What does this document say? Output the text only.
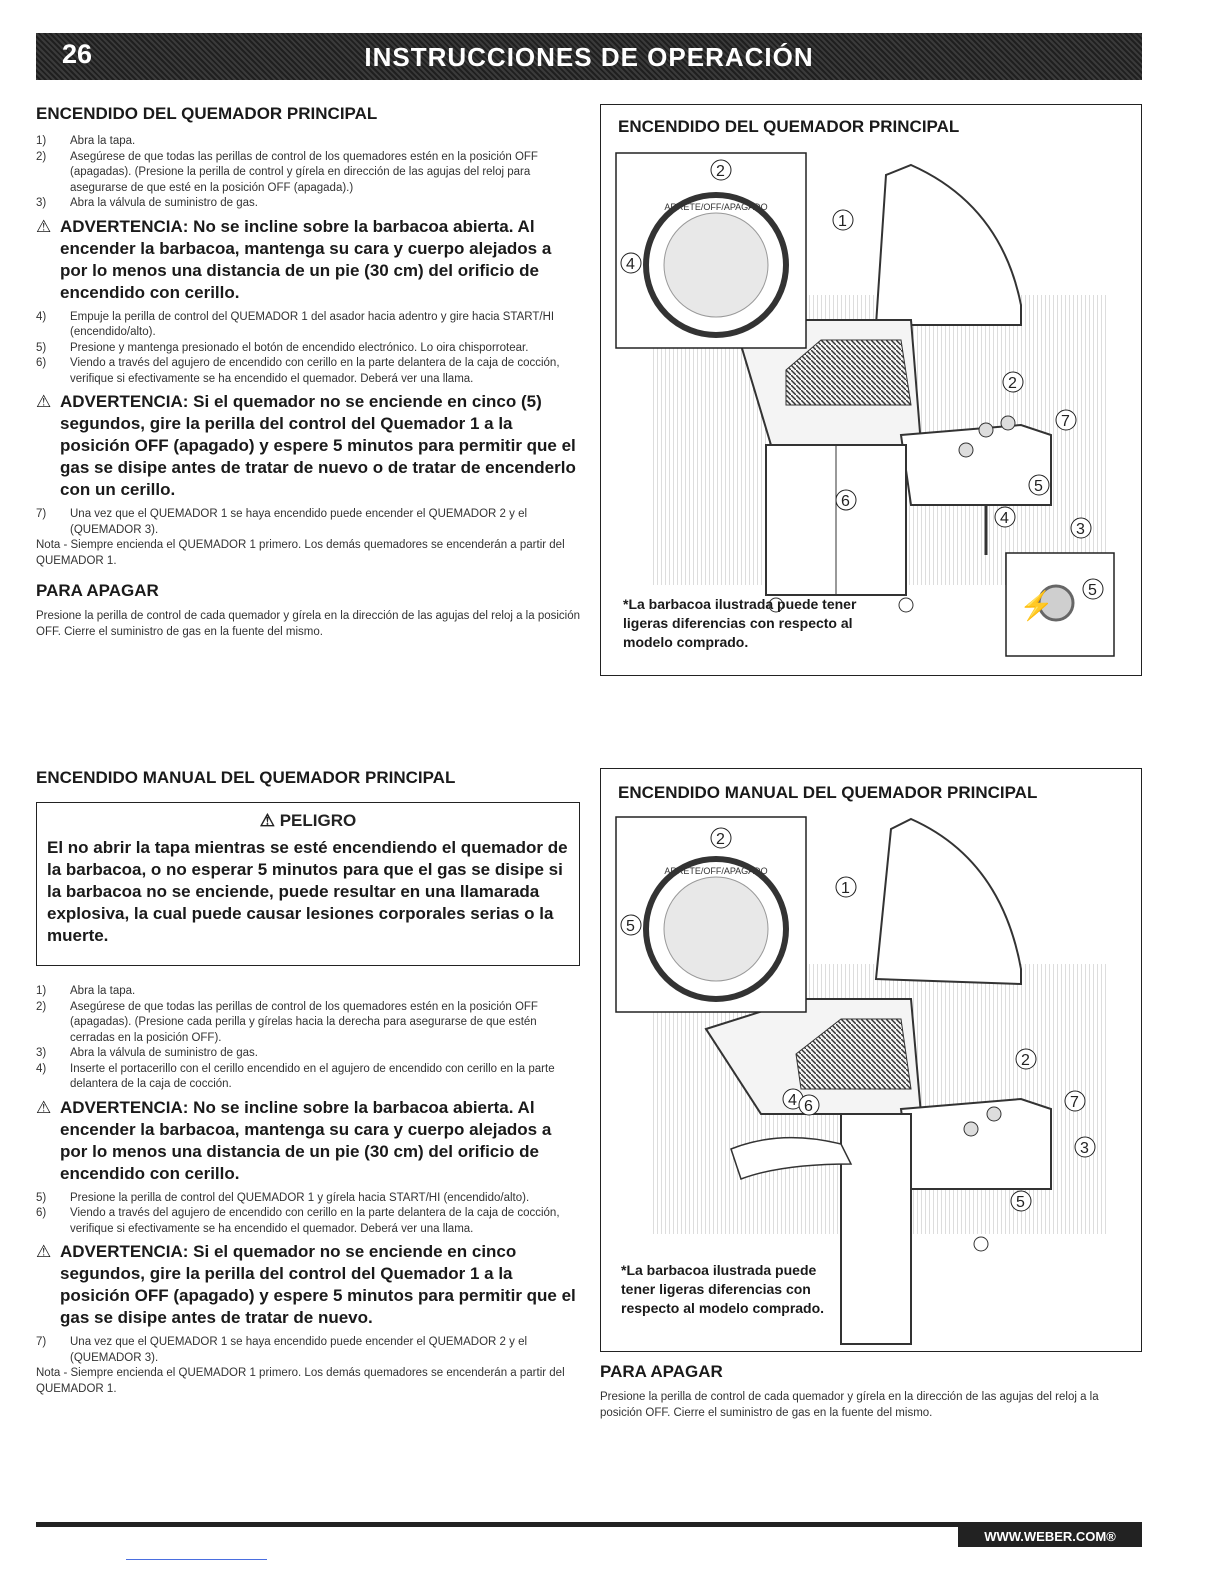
26	INSTRUCCIONES DE OPERACIÓN
ENCENDIDO DEL QUEMADOR PRINCIPAL
1)	Abra la tapa.
2)	Asegúrese de que todas las perillas de control de los quemadores estén en la posición OFF (apagadas). (Presione la perilla de control y gírela en dirección de las agujas del reloj para asegurarse de que esté en la posición OFF (apagada).)
3)	Abra la válvula de suministro de gas.
⚠ ADVERTENCIA: No se incline sobre la barbacoa abierta. Al encender la barbacoa, mantenga su cara y cuerpo alejados a por lo menos una distancia de un pie (30 cm) del orificio de encendido con cerillo.
4)	Empuje la perilla de control del QUEMADOR 1 del asador hacia adentro y gire hacia START/HI (encendido/alto).
5)	Presione y mantenga presionado el botón de encendido electrónico. Lo oira chisporrotear.
6)	Viendo a través del agujero de encendido con cerillo en la parte delantera de la caja de cocción, verifique si efectivamente se ha encendido el quemador. Deberá ver una llama.
⚠ ADVERTENCIA: Si el quemador no se enciende en cinco (5) segundos, gire la perilla del control del Quemador 1 a la posición OFF (apagado) y espere 5 minutos para permitir que el gas se disipe antes de tratar de nuevo o de tratar de encenderlo con un cerillo.
7)	Una vez que el QUEMADOR 1 se haya encendido puede encender el QUEMADOR 2 y el (QUEMADOR 3).
Nota - Siempre encienda el QUEMADOR 1 primero. Los demás quemadores se encenderán a partir del QUEMADOR 1.
PARA APAGAR
Presione la perilla de control de cada quemador y gírela en la dirección de las agujas del reloj a la posición OFF. Cierre el suministro de gas en la fuente del mismo.
ENCENDIDO DEL QUEMADOR PRINCIPAL
ARRETE/OFF/APAGADO
⚡
2
1
4
2
7
5
4
3
6
5
*La barbacoa ilustrada puede tener ligeras diferencias con respecto al modelo comprado.
ENCENDIDO MANUAL DEL QUEMADOR PRINCIPAL
⚠ PELIGRO
El no abrir la tapa mientras se esté encendiendo el quemador de la barbacoa, o no esperar 5 minutos para que el gas se disipe si la barbacoa no se enciende, puede resultar en una llamarada explosiva, la cual puede causar lesiones corporales serias o la muerte.
1)	Abra la tapa.
2)	Asegúrese de que todas las perillas de control de los quemadores estén en la posición OFF (apagadas). (Presione cada perilla y gírelas hacia la derecha para asegurarse de que estén cerradas en la posición OFF).
3)	Abra la válvula de suministro de gas.
4)	Inserte el portacerillo con el cerillo encendido en el agujero de encendido con cerillo en la parte delantera de la caja de cocción.
⚠ ADVERTENCIA: No se incline sobre la barbacoa abierta. Al encender la barbacoa, mantenga su cara y cuerpo alejados a por lo menos una distancia de un pie (30 cm) del orificio de encendido con cerillo.
5)	Presione la perilla de control del QUEMADOR 1 y gírela hacia START/HI (encendido/alto).
6)	Viendo a través del agujero de encendido con cerillo en la parte delantera de la caja de cocción, verifique si efectivamente se ha encendido el quemador. Deberá ver una llama.
⚠ ADVERTENCIA: Si el quemador no se enciende en cinco segundos, gire la perilla del control del Quemador 1 a la posición OFF (apagado) y espere 5 minutos para permitir que el gas se disipe antes de tratar de nuevo.
7)	Una vez que el QUEMADOR 1 se haya encendido puede encender el QUEMADOR 2 y el (QUEMADOR 3).
Nota - Siempre encienda el QUEMADOR 1 primero. Los demás quemadores se encenderán a partir del QUEMADOR 1.
ENCENDIDO MANUAL DEL QUEMADOR PRINCIPAL
ARRETE/OFF/APAGADO
2
1
5
2
7
4 6
3
5
*La barbacoa ilustrada puede tener ligeras diferencias con respecto al modelo comprado.
PARA APAGAR
Presione la perilla de control de cada quemador y gírela en la dirección de las agujas del reloj a la posición OFF. Cierre el suministro de gas en la fuente del mismo.
WWW.WEBER.COM®
